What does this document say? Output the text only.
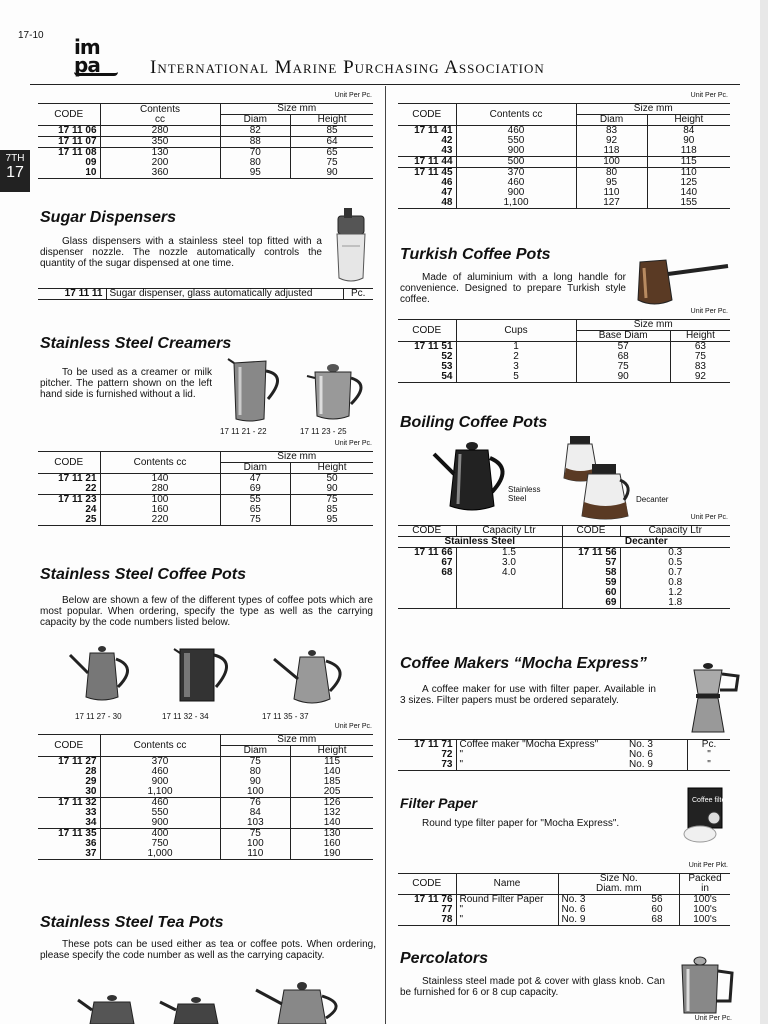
17-10 im
pa	International Marine Purchasing Association
7TH
17
Unit Per Pc.
CODE	Contents
cc	Size mm	
		Diam	Height
17 11 06	280	82	85
17 11 07	350	88	64
17 11 08	130	70	65
09	200	80	75
10	360	95	90
Sugar Dispensers

Glass dispensers with a stainless steel top fitted with a dispenser nozzle. The nozzle automatically controls the quantity of the sugar dispensed at one time.

17 11 11	Sugar dispenser, glass automatically adjusted	Pc.
Stainless Steel Creamers

To be used as a creamer or milk pitcher. The pattern shown on the left hand side is furnished without a lid.

17 11 21 - 22	17 11 23 - 25
Unit Per Pc.
CODE	Contents cc	Size mm	
		Diam	Height
17 11 21	140	47	50
22	280	69	90
17 11 23	100	55	75
24	160	65	85
25	220	75	95
Stainless Steel Coffee Pots

Below are shown a few of the different types of coffee pots which are most popular. When ordering, specify the type as well as the carrying capacity by the code numbers listed below.

17 11 27 - 30	17 11 32 - 34	17 11 35 - 37
Unit Per Pc.
CODE	Contents cc	Size mm	
		Diam	Height
17 11 27	370	75	115
28	460	80	140
29	900	90	185
30	1,100	100	205
17 11 32	460	76	126
33	550	84	132
34	900	103	140
17 11 35	400	75	130
36	750	100	160
37	1,000	110	190
Stainless Steel Tea Pots

These pots can be used either as tea or coffee pots. When ordering, please specify the code number as well as the carrying capacity.

Unit Per Pc.
CODE	Contents cc	Size mm	
		Diam	Height
17 11 41	460	83	84
42	550	92	90
43	900	118	118
17 11 44	500	100	115
17 11 45	370	80	110
46	460	95	125
47	900	110	140
48	1,100	127	155
Turkish Coffee Pots

Made of aluminium with a long handle for convenience. Designed to prepare Turkish style coffee.

Unit Per Pc.
CODE	Cups	Size mm	
		Base Diam	Height
17 11 51	1	57	63
52	2	68	75
53	3	75	83
54	5	90	92
Boiling Coffee Pots
Stainless Steel	Decanter
Unit Per Pc.
CODE	Capacity Ltr	CODE	Capacity Ltr
Stainless Steel		Decanter	
17 11 66	1.5	17 11 56	0.3
67	3.0	57	0.5
68	4.0	58	0.7
		59	0.8
		60	1.2
		69	1.8
Coffee Makers “Mocha Express”

A coffee maker for use with filter paper. Available in 3 sizes. Filter papers must be ordered separately.

17 11 71	Coffee maker "Mocha Express"	No. 3	Pc.
72	"	No. 6	"
73	"	No. 9	"
Filter Paper

Round type filter paper for "Mocha Express".

Coffee filter
Unit Per Pkt.
CODE	Name	Size No.
Diam. mm		Packed
in
17 11 76	Round Filter Paper	No. 3	56	100's
77	"	No. 6	60	100's
78	"	No. 9	68	100's
Percolators

Stainless steel made pot & cover with glass knob. Can be furnished for 6 or 8 cup capacity.

Unit Per Pc.
